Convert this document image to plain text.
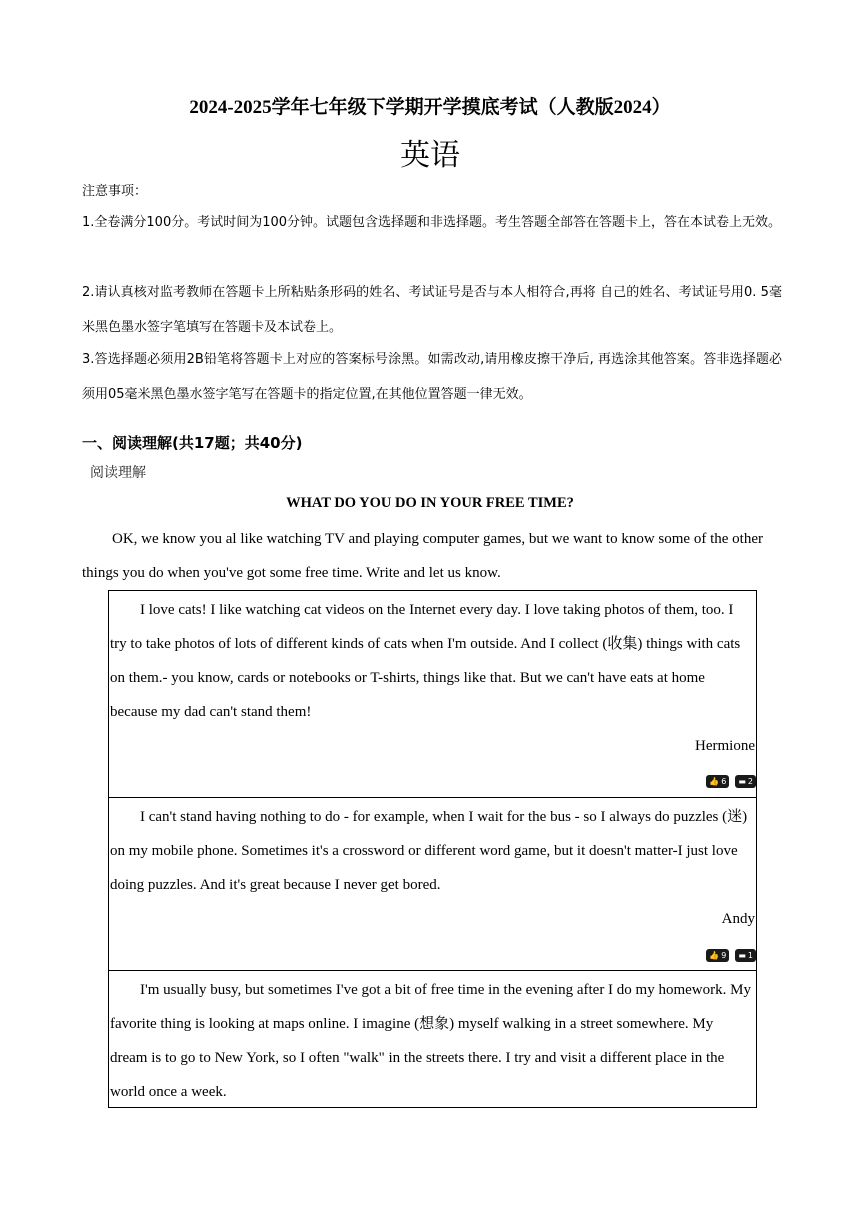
2024-2025学年七年级下学期开学摸底考试（人教版2024）
英语
注意事项：
1.全卷满分100分。考试时间为100分钟。试题包含选择题和非选择题。考生答题全部答在答题卡上，答在本试卷上无效。
2.请认真核对监考教师在答题卡上所粘贴条形码的姓名、考试证号是否与本人相符合,再将 自己的姓名、考试证号用0. 5毫米黑色墨水签字笔填写在答题卡及本试卷上。
3.答选择题必须用2B铅笔将答题卡上对应的答案标号涂黑。如需改动,请用橡皮擦干净后, 再选涂其他答案。答非选择题必须用05毫米黑色墨水签字笔写在答题卡的指定位置,在其他位置答题一律无效。
一、阅读理解(共17题；共40分)
阅读理解
WHAT DO YOU DO IN YOUR FREE TIME?

OK, we know you al like watching TV and playing computer games, but we want to know some of the other things you do when you've got some free time. Write and let us know.

I love cats! I like watching cat videos on the Internet every day. I love taking photos of them, too. I try to take photos of lots of different kinds of cats when I'm outside. And I collect (收集) things with cats on them.- you know, cards or notebooks or T-shirts, things like that. But we can't have eats at home because my dad can't stand them!

Hermione

👍 6 ▬ 2

I can't stand having nothing to do - for example, when I wait for the bus - so I always do puzzles (迷) on my mobile phone. Sometimes it's a crossword or different word game, but it doesn't matter-I just love doing puzzles. And it's great because I never get bored.

Andy

👍 9 ▬ 1

I'm usually busy, but sometimes I've got a bit of free time in the evening after I do my homework. My favorite thing is looking at maps online. I imagine (想象) myself walking in a street somewhere. My dream is to go to New York, so I often "walk" in the streets there. I try and visit a different place in the world once a week.
